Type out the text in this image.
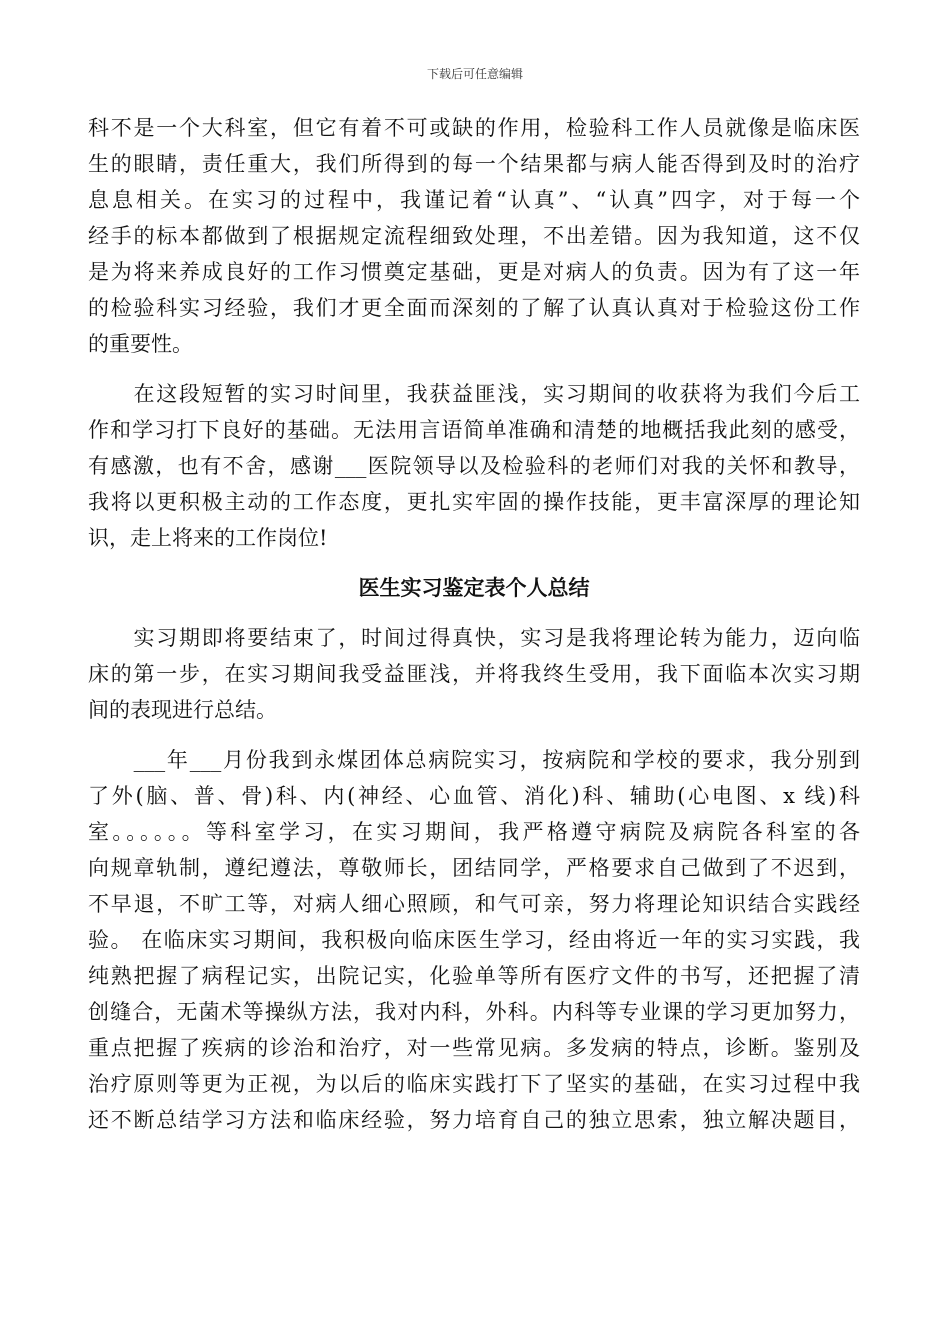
下载后可任意编辑
科不是一个大科室，但它有着不可或缺的作用，检验科工作人员就像是临床医
生的眼睛，责任重大，我们所得到的每一个结果都与病人能否得到及时的治疗
息息相关。在实习的过程中，我谨记着“认真”、“认真”四字，对于每一个
经手的标本都做到了根据规定流程细致处理，不出差错。因为我知道，这不仅
是为将来养成良好的工作习惯奠定基础，更是对病人的负责。因为有了这一年
的检验科实习经验，我们才更全面而深刻的了解了认真认真对于检验这份工作
的重要性。
　　在这段短暂的实习时间里，我获益匪浅，实习期间的收获将为我们今后工
作和学习打下良好的基础。无法用言语简单准确和清楚的地概括我此刻的感受，
有感激，也有不舍，感谢___医院领导以及检验科的老师们对我的关怀和教导，
我将以更积极主动的工作态度，更扎实牢固的操作技能，更丰富深厚的理论知
识，走上将来的工作岗位!
医生实习鉴定表个人总结
　　实习期即将要结束了，时间过得真快，实习是我将理论转为能力，迈向临
床的第一步，在实习期间我受益匪浅，并将我终生受用，我下面临本次实习期
间的表现进行总结。
　　___年___月份我到永煤团体总病院实习，按病院和学校的要求，我分别到
了外(脑、普、骨)科、内(神经、心血管、消化)科、辅助(心电图、x 线)科
室。。。。。。等科室学习，在实习期间，我严格遵守病院及病院各科室的各
向规章轨制，遵纪遵法，尊敬师长，团结同学，严格要求自己做到了不迟到，
不早退，不旷工等，对病人细心照顾，和气可亲，努力将理论知识结合实践经
验。 在临床实习期间，我积极向临床医生学习，经由将近一年的实习实践，我
纯熟把握了病程记实，出院记实，化验单等所有医疗文件的书写，还把握了清
创缝合，无菌术等操纵方法，我对内科，外科。内科等专业课的学习更加努力，
重点把握了疾病的诊治和治疗，对一些常见病。多发病的特点，诊断。鉴别及
治疗原则等更为正视，为以后的临床实践打下了坚实的基础，在实习过程中我
还不断总结学习方法和临床经验，努力培育自己的独立思索，独立解决题目，
